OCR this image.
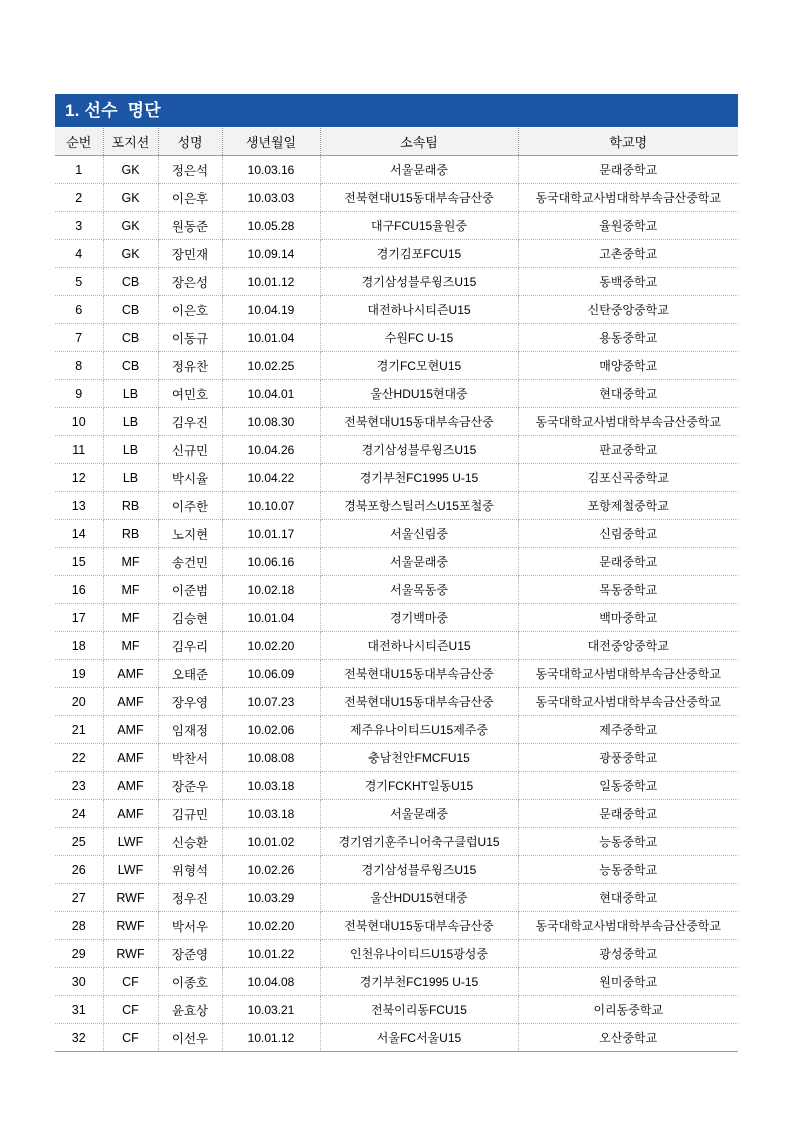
1. 선수  명단
순번	포지션	성명	생년월일	소속팀	학교명
1	GK	정은석	10.03.16	서울문래중	문래중학교
2	GK	이은후	10.03.03	전북현대U15동대부속금산중	동국대학교사범대학부속금산중학교
3	GK	원동준	10.05.28	대구FCU15율원중	율원중학교
4	GK	장민재	10.09.14	경기김포FCU15	고촌중학교
5	CB	장은성	10.01.12	경기삼성블루윙즈U15	동백중학교
6	CB	이은호	10.04.19	대전하나시티즌U15	신탄중앙중학교
7	CB	이동규	10.01.04	수원FC U-15	용동중학교
8	CB	정유찬	10.02.25	경기FC모현U15	매양중학교
9	LB	여민호	10.04.01	울산HDU15현대중	현대중학교
10	LB	김우진	10.08.30	전북현대U15동대부속금산중	동국대학교사범대학부속금산중학교
11	LB	신규민	10.04.26	경기삼성블루윙즈U15	판교중학교
12	LB	박시율	10.04.22	경기부천FC1995 U-15	김포신곡중학교
13	RB	이주한	10.10.07	경북포항스틸러스U15포철중	포항제철중학교
14	RB	노지현	10.01.17	서울신림중	신림중학교
15	MF	송건민	10.06.16	서울문래중	문래중학교
16	MF	이준범	10.02.18	서울목동중	목동중학교
17	MF	김승현	10.01.04	경기백마중	백마중학교
18	MF	김우리	10.02.20	대전하나시티즌U15	대전중앙중학교
19	AMF	오태준	10.06.09	전북현대U15동대부속금산중	동국대학교사범대학부속금산중학교
20	AMF	장우영	10.07.23	전북현대U15동대부속금산중	동국대학교사범대학부속금산중학교
21	AMF	임재정	10.02.06	제주유나이티드U15제주중	제주중학교
22	AMF	박찬서	10.08.08	충남천안FMCFU15	광풍중학교
23	AMF	장준우	10.03.18	경기FCKHT일동U15	일동중학교
24	AMF	김규민	10.03.18	서울문래중	문래중학교
25	LWF	신승환	10.01.02	경기염기훈주니어축구클럽U15	능동중학교
26	LWF	위형석	10.02.26	경기삼성블루윙즈U15	능동중학교
27	RWF	정우진	10.03.29	울산HDU15현대중	현대중학교
28	RWF	박서우	10.02.20	전북현대U15동대부속금산중	동국대학교사범대학부속금산중학교
29	RWF	장준영	10.01.22	인천유나이티드U15광성중	광성중학교
30	CF	이종호	10.04.08	경기부천FC1995 U-15	원미중학교
31	CF	윤효상	10.03.21	전북이리동FCU15	이리동중학교
32	CF	이선우	10.01.12	서울FC서울U15	오산중학교
